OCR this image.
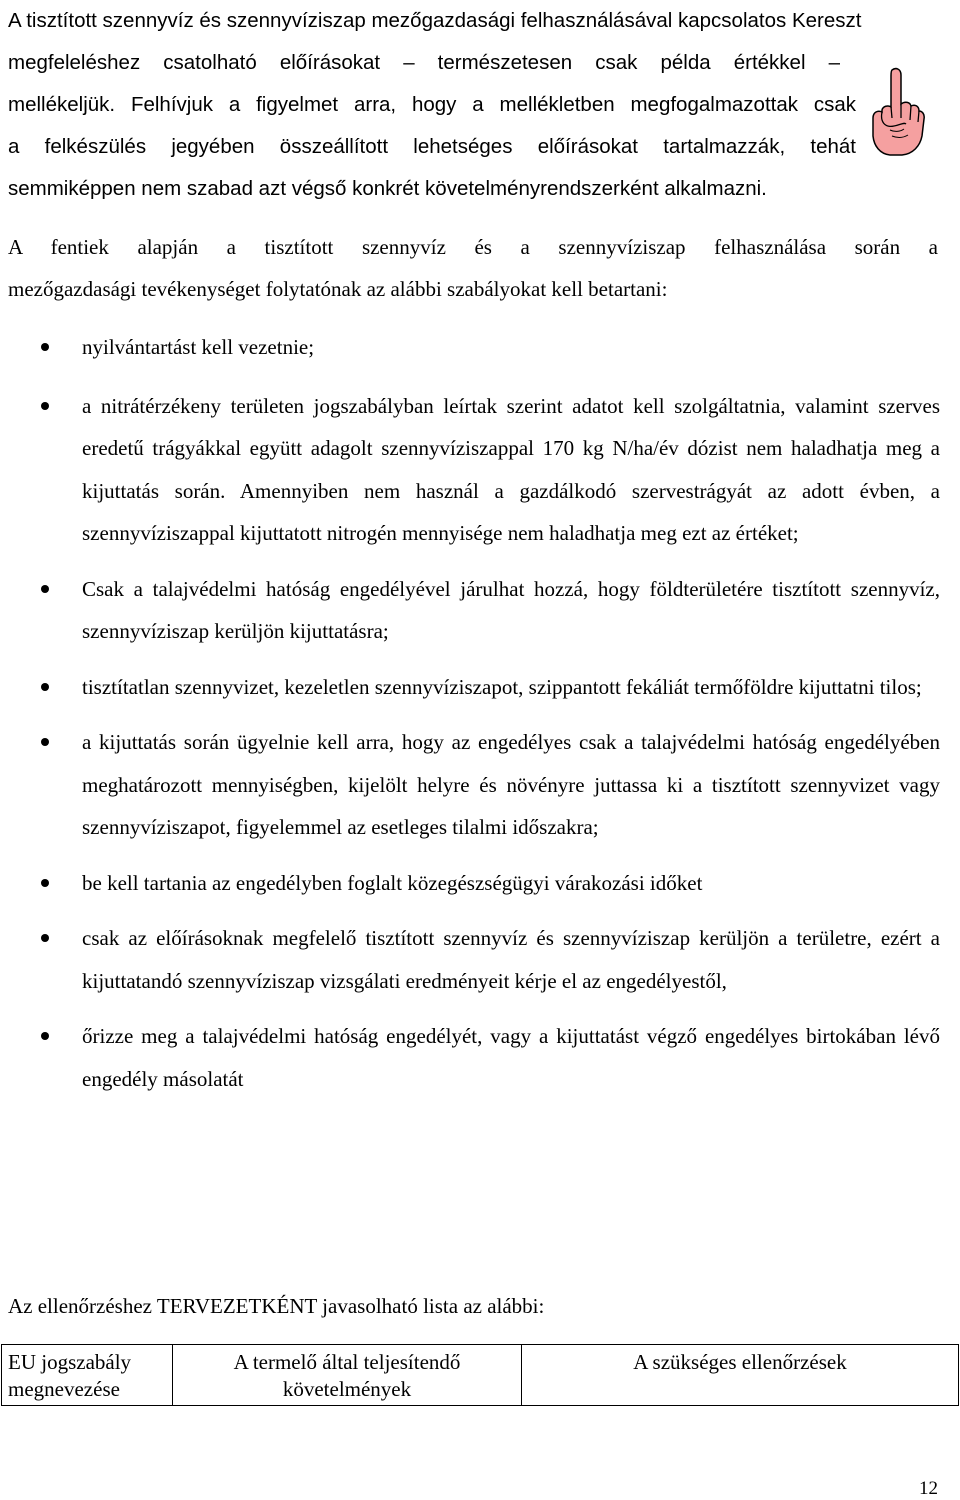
A tisztított szennyvíz és szennyvíziszap mezőgazdasági felhasználásával kapcsolatos Kereszt
megfeleléshez csatolható előírásokat – természetesen csak példa értékkel –
mellékeljük. Felhívjuk a figyelmet arra, hogy a mellékletben megfogalmazottak csak
a felkészülés jegyében összeállított lehetséges előírásokat tartalmazzák, tehát
semmiképpen nem szabad azt végső konkrét követelményrendszerként alkalmazni.
A fentiek alapján a tisztított szennyvíz és a szennyvíziszap felhasználása során a
mezőgazdasági tevékenységet folytatónak az alábbi szabályokat kell betartani:
nyilvántartást kell vezetnie;
a nitrátérzékeny területen jogszabályban leírtak szerint adatot kell szolgáltatnia, valamint szerves eredetű trágyákkal együtt adagolt szennyvíziszappal 170 kg N/ha/év dózist nem haladhatja meg a kijuttatás során. Amennyiben nem használ a gazdálkodó szervestrágyát az adott évben, a szennyvíziszappal kijuttatott nitrogén mennyisége nem haladhatja meg ezt az értéket;
Csak a talajvédelmi hatóság engedélyével járulhat hozzá, hogy földterületére tisztított szennyvíz, szennyvíziszap kerüljön kijuttatásra;
tisztítatlan szennyvizet, kezeletlen szennyvíziszapot, szippantott fekáliát termőföldre kijuttatni tilos;
a kijuttatás során ügyelnie kell arra, hogy az engedélyes csak a talajvédelmi hatóság engedélyében meghatározott mennyiségben, kijelölt helyre és növényre juttassa ki a tisztított szennyvizet vagy szennyvíziszapot, figyelemmel az esetleges tilalmi időszakra;
be kell tartania az engedélyben foglalt közegészségügyi várakozási időket
csak az előírásoknak megfelelő tisztított szennyvíz és szennyvíziszap kerüljön a területre, ezért a kijuttatandó szennyvíziszap vizsgálati eredményeit kérje el az engedélyestől,
őrizze meg a talajvédelmi hatóság engedélyét, vagy a kijuttatást végző engedélyes birtokában lévő engedély másolatát
Az ellenőrzéshez TERVEZETKÉNT javasolható lista az alábbi:
EU jogszabály megnevezése	A termelő által teljesítendő követelmények	A szükséges ellenőrzések
12
